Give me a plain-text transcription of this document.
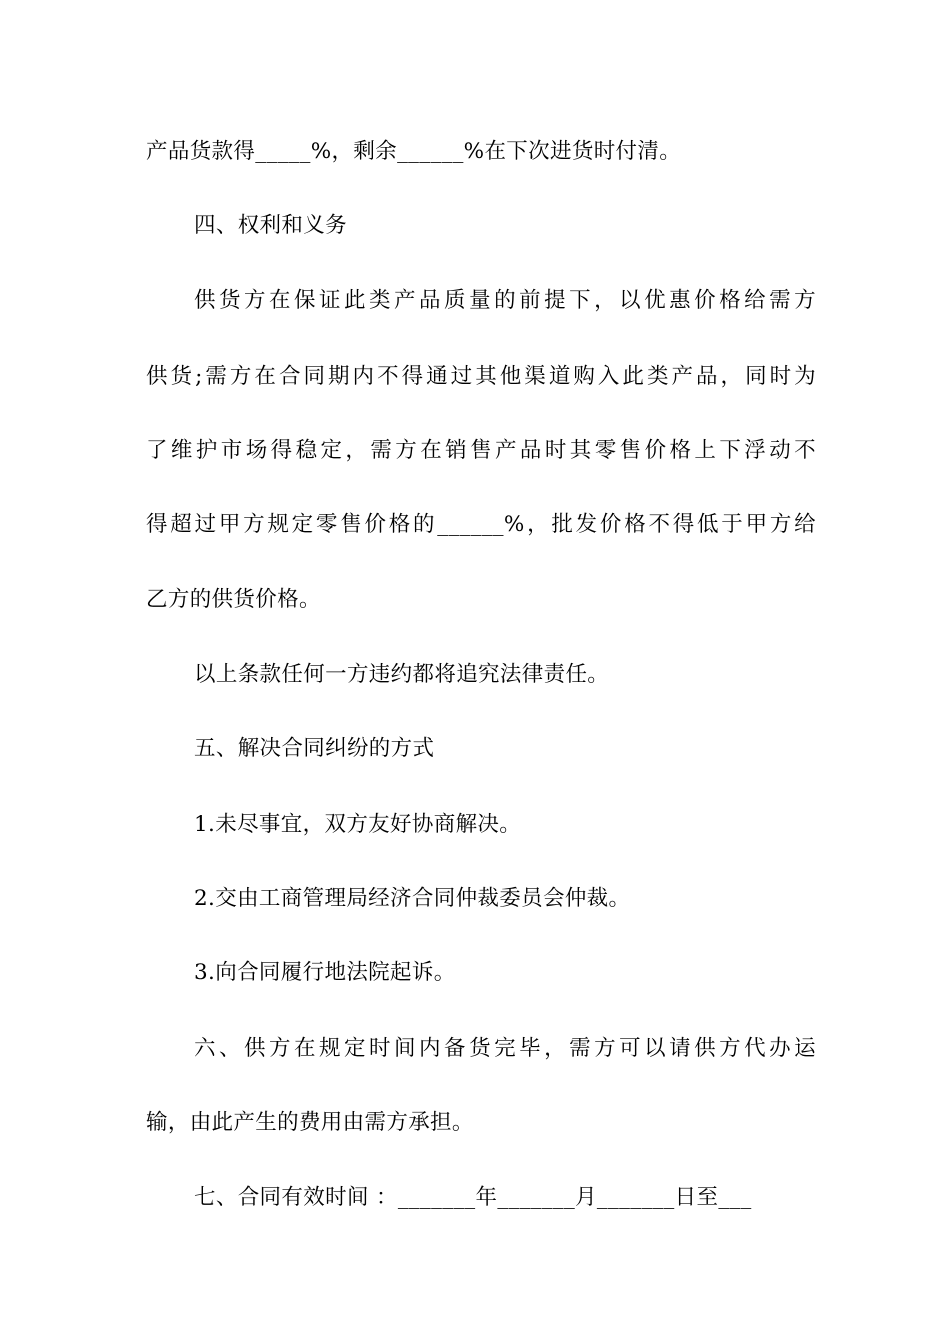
产品货款得_____%，剩余______%在下次进货时付清。

四、权利和义务

供货方在保证此类产品质量的前提下，以优惠价格给需方

供货;需方在合同期内不得通过其他渠道购入此类产品，同时为

了维护市场得稳定，需方在销售产品时其零售价格上下浮动不

得超过甲方规定零售价格的______%，批发价格不得低于甲方给

乙方的供货价格。

以上条款任何一方违约都将追究法律责任。

五、解决合同纠纷的方式

1.未尽事宜，双方友好协商解决。

2.交由工商管理局经济合同仲裁委员会仲裁。

3.向合同履行地法院起诉。

六、供方在规定时间内备货完毕，需方可以请供方代办运

输，由此产生的费用由需方承担。

七、合同有效时间 ：_______年_______月_______日至___
